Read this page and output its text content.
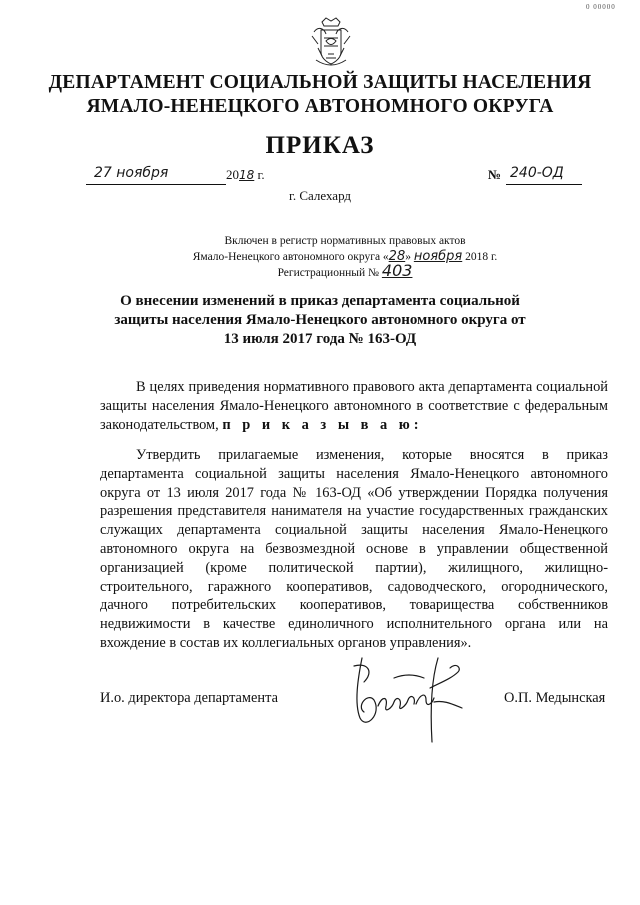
0 00000
ДЕПАРТАМЕНТ СОЦИАЛЬНОЙ ЗАЩИТЫ НАСЕЛЕНИЯ
ЯМАЛО-НЕНЕЦКОГО АВТОНОМНОГО ОКРУГА
ПРИКАЗ
27 ноября	2018 г.	№ 240-ОД
г. Салехард
Включен в регистр нормативных правовых актов
Ямало-Ненецкого автономного округа «28» ноября 2018 г.
Регистрационный № 403
О внесении изменений в приказ департамента социальной защиты населения Ямало-Ненецкого автономного округа от 13 июля 2017 года № 163-ОД
В целях приведения нормативного правового акта департамента социальной защиты населения Ямало-Ненецкого автономного в соответствие с федеральным законодательством, п р и к а з ы в а ю:
Утвердить прилагаемые изменения, которые вносятся в приказ департамента социальной защиты населения Ямало-Ненецкого автономного округа от 13 июля 2017 года № 163-ОД «Об утверждении Порядка получения разрешения представителя нанимателя на участие государственных гражданских служащих департамента социальной защиты населения Ямало-Ненецкого автономного округа на безвозмездной основе в управлении общественной организацией (кроме политической партии), жилищного, жилищно-строительного, гаражного кооперативов, садоводческого, огороднического, дачного потребительских кооперативов, товарищества собственников недвижимости в качестве единоличного исполнительного органа или на вхождение в состав их коллегиальных органов управления».
И.о. директора департамента	О.П. Медынская
